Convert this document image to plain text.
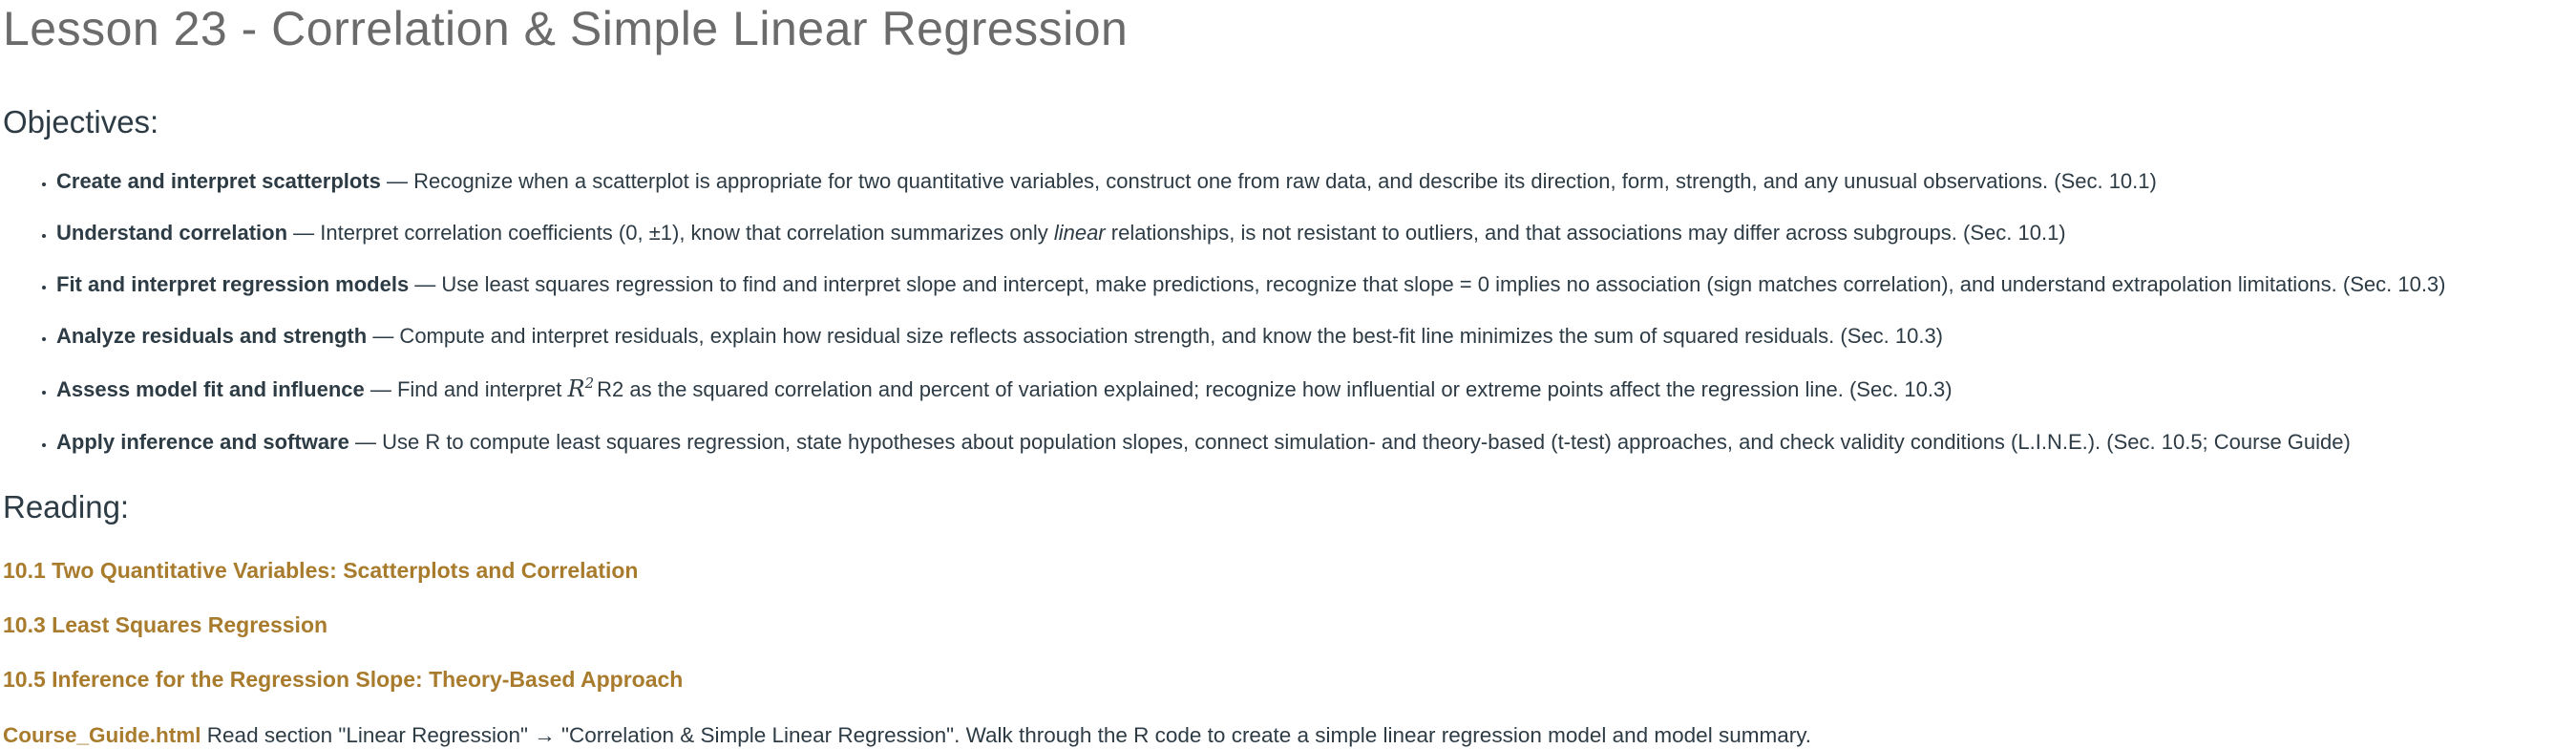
Lesson 23 - Correlation & Simple Linear Regression
Objectives:
• Create and interpret scatterplots — Recognize when a scatterplot is appropriate for two quantitative variables, construct one from raw data, and describe its direction, form, strength, and any unusual observations. (Sec. 10.1)
• Understand correlation — Interpret correlation coefficients (0, ±1), know that correlation summarizes only linear relationships, is not resistant to outliers, and that associations may differ across subgroups. (Sec. 10.1)
• Fit and interpret regression models — Use least squares regression to find and interpret slope and intercept, make predictions, recognize that slope = 0 implies no association (sign matches correlation), and understand extrapolation limitations. (Sec. 10.3)
• Analyze residuals and strength — Compute and interpret residuals, explain how residual size reflects association strength, and know the best-fit line minimizes the sum of squared residuals. (Sec. 10.3)
• Assess model fit and influence — Find and interpret $R^2$ R2 as the squared correlation and percent of variation explained; recognize how influential or extreme points affect the regression line. (Sec. 10.3)
• Apply inference and software — Use R to compute least squares regression, state hypotheses about population slopes, connect simulation- and theory-based (t-test) approaches, and check validity conditions (L.I.N.E.). (Sec. 10.5; Course Guide)
Reading:

10.1 Two Quantitative Variables: Scatterplots and Correlation

10.3 Least Squares Regression

10.5 Inference for the Regression Slope: Theory-Based Approach

Course_Guide.html Read section "Linear Regression" → "Correlation & Simple Linear Regression". Walk through the R code to create a simple linear regression model and model summary.
